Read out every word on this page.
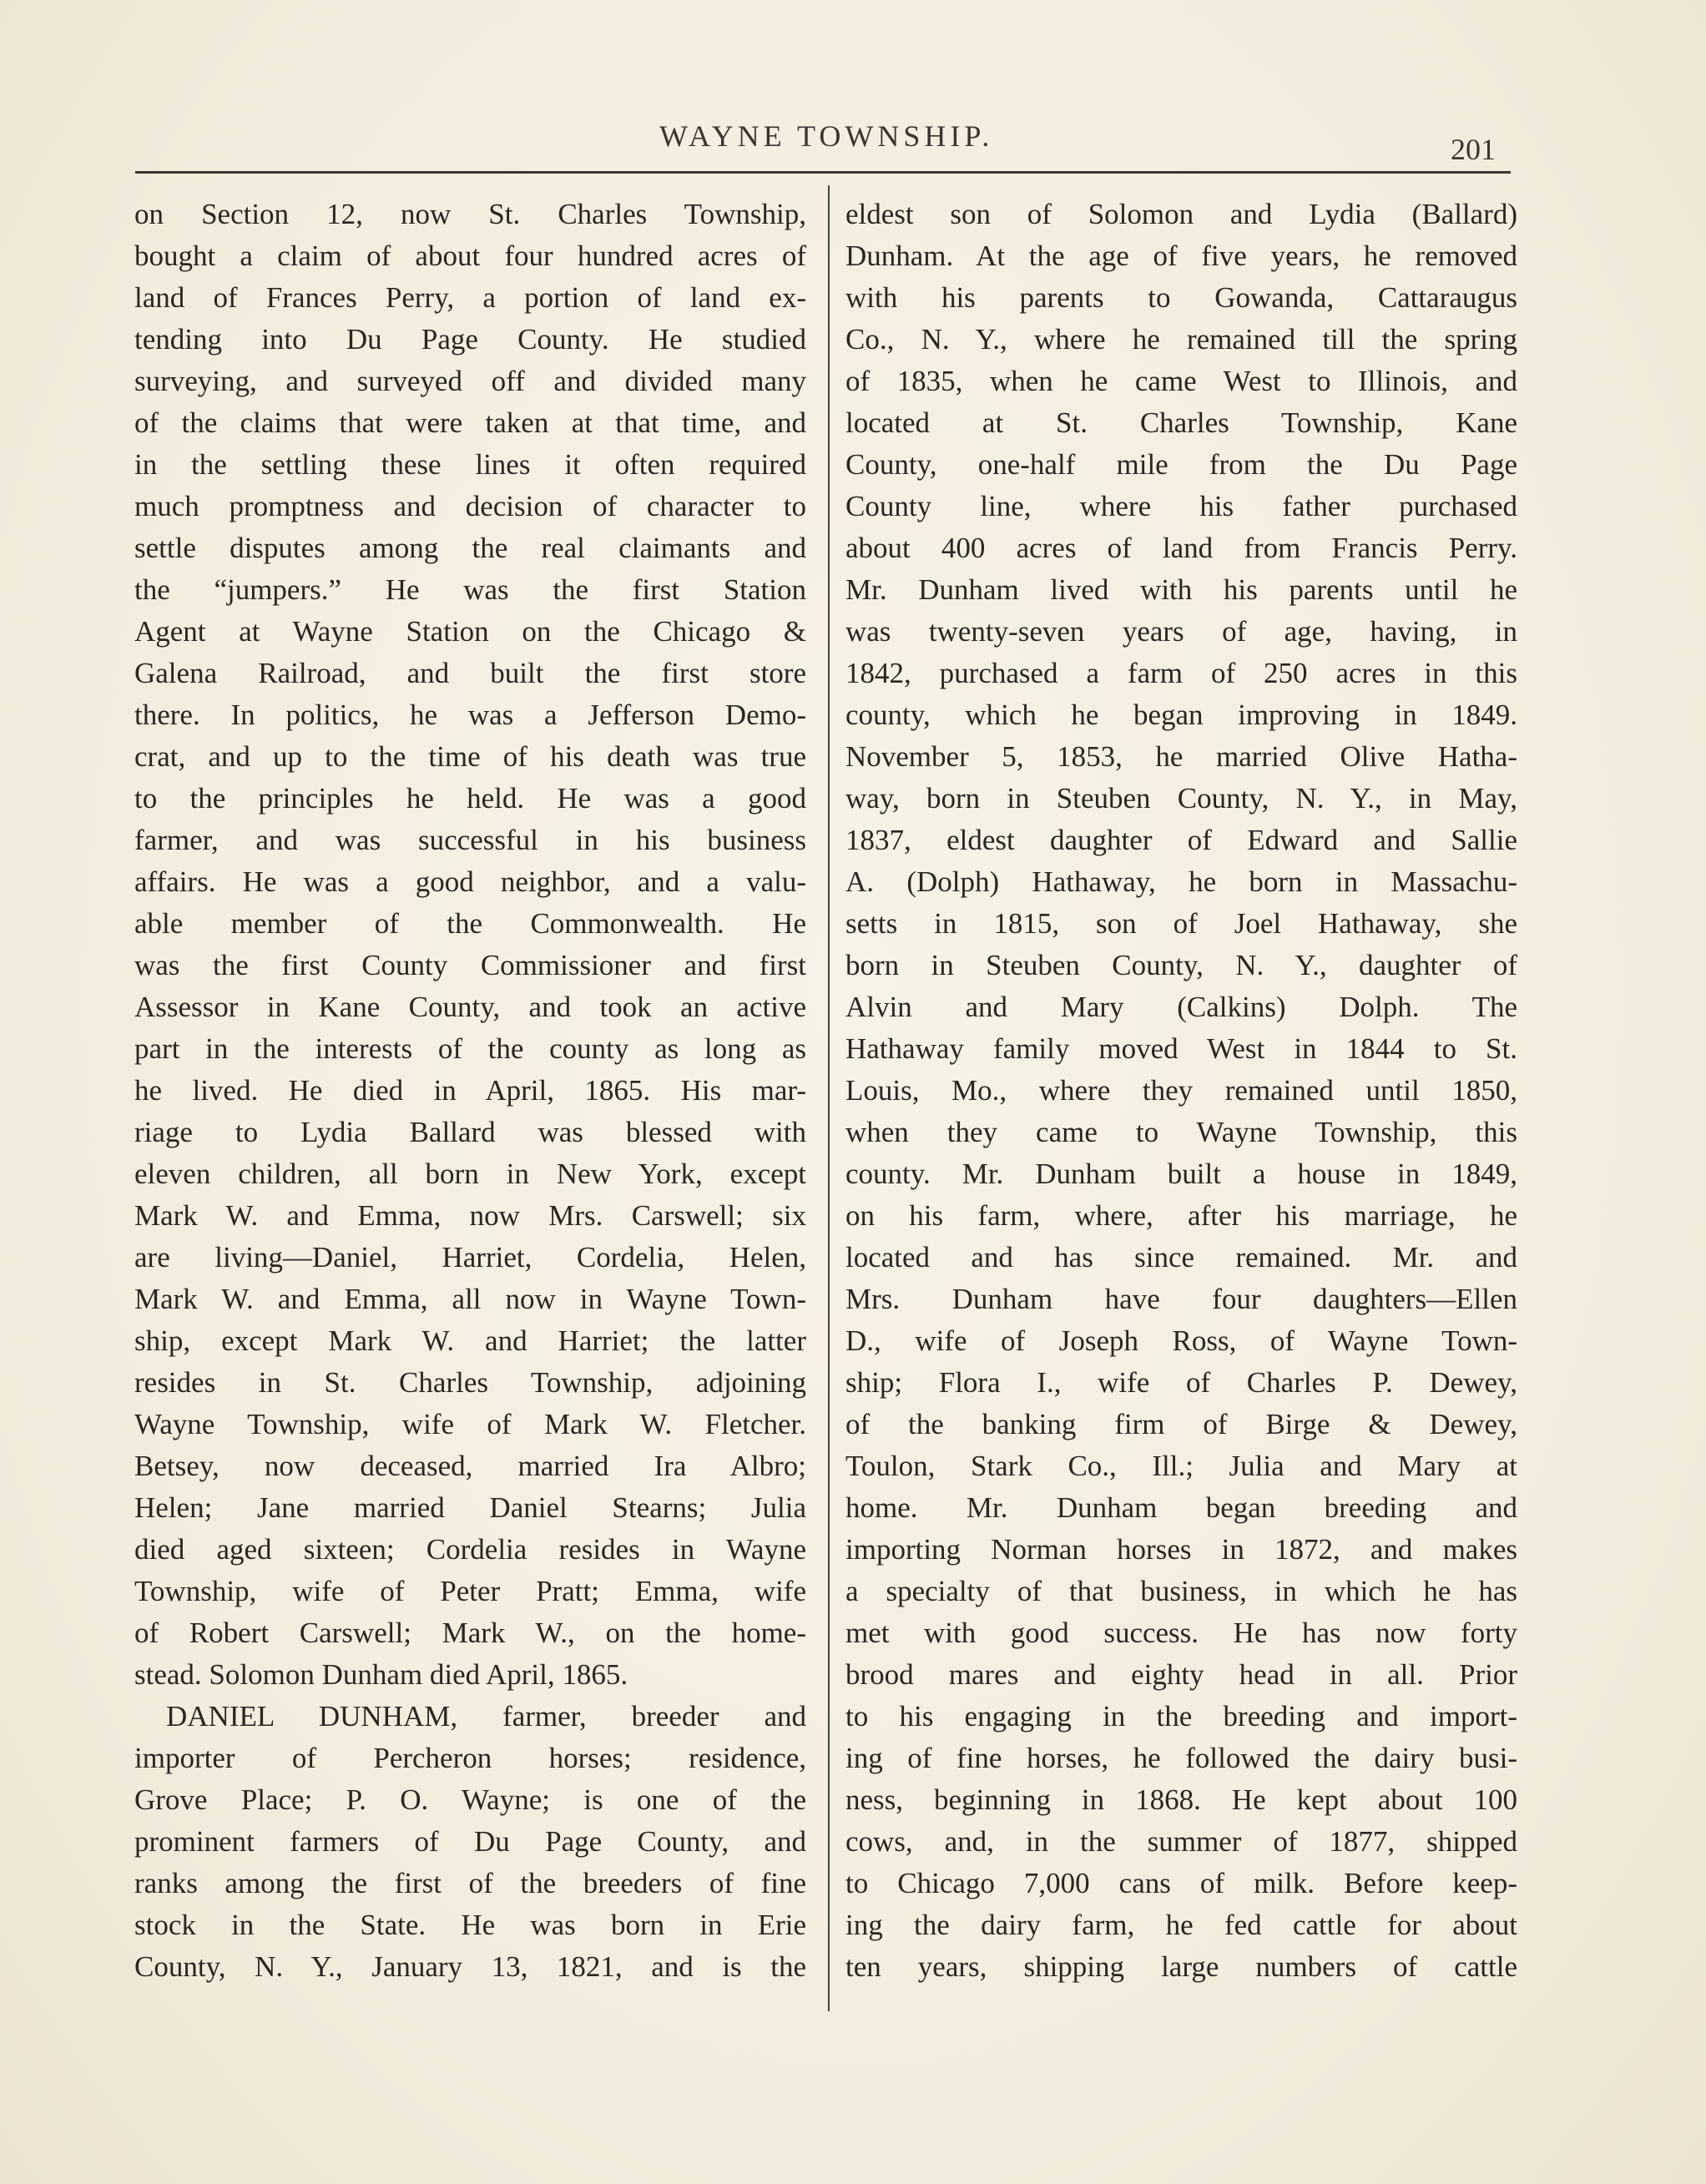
WAYNE TOWNSHIP.	201
on Section 12, now St. Charles Township,
bought a claim of about four hundred acres of
land of Frances Perry, a portion of land ex-
tending into Du Page County. He studied
surveying, and surveyed off and divided many
of the claims that were taken at that time, and
in the settling these lines it often required
much promptness and decision of character to
settle disputes among the real claimants and
the “jumpers.” He was the first Station
Agent at Wayne Station on the Chicago &
Galena Railroad, and built the first store
there. In politics, he was a Jefferson Demo-
crat, and up to the time of his death was true
to the principles he held. He was a good
farmer, and was successful in his business
affairs. He was a good neighbor, and a valu-
able member of the Commonwealth. He
was the first County Commissioner and first
Assessor in Kane County, and took an active
part in the interests of the county as long as
he lived. He died in April, 1865. His mar-
riage to Lydia Ballard was blessed with
eleven children, all born in New York, except
Mark W. and Emma, now Mrs. Carswell; six
are living—Daniel, Harriet, Cordelia, Helen,
Mark W. and Emma, all now in Wayne Town-
ship, except Mark W. and Harriet; the latter
resides in St. Charles Township, adjoining
Wayne Township, wife of Mark W. Fletcher.
Betsey, now deceased, married Ira Albro;
Helen; Jane married Daniel Stearns; Julia
died aged sixteen; Cordelia resides in Wayne
Township, wife of Peter Pratt; Emma, wife
of Robert Carswell; Mark W., on the home-
stead. Solomon Dunham died April, 1865.
DANIEL DUNHAM, farmer, breeder and
importer of Percheron horses; residence,
Grove Place; P. O. Wayne; is one of the
prominent farmers of Du Page County, and
ranks among the first of the breeders of fine
stock in the State. He was born in Erie
County, N. Y., January 13, 1821, and is the
eldest son of Solomon and Lydia (Ballard)
Dunham. At the age of five years, he removed
with his parents to Gowanda, Cattaraugus
Co., N. Y., where he remained till the spring
of 1835, when he came West to Illinois, and
located at St. Charles Township, Kane
County, one-half mile from the Du Page
County line, where his father purchased
about 400 acres of land from Francis Perry.
Mr. Dunham lived with his parents until he
was twenty-seven years of age, having, in
1842, purchased a farm of 250 acres in this
county, which he began improving in 1849.
November 5, 1853, he married Olive Hatha-
way, born in Steuben County, N. Y., in May,
1837, eldest daughter of Edward and Sallie
A. (Dolph) Hathaway, he born in Massachu-
setts in 1815, son of Joel Hathaway, she
born in Steuben County, N. Y., daughter of
Alvin and Mary (Calkins) Dolph. The
Hathaway family moved West in 1844 to St.
Louis, Mo., where they remained until 1850,
when they came to Wayne Township, this
county. Mr. Dunham built a house in 1849,
on his farm, where, after his marriage, he
located and has since remained. Mr. and
Mrs. Dunham have four daughters—Ellen
D., wife of Joseph Ross, of Wayne Town-
ship; Flora I., wife of Charles P. Dewey,
of the banking firm of Birge & Dewey,
Toulon, Stark Co., Ill.; Julia and Mary at
home. Mr. Dunham began breeding and
importing Norman horses in 1872, and makes
a specialty of that business, in which he has
met with good success. He has now forty
brood mares and eighty head in all. Prior
to his engaging in the breeding and import-
ing of fine horses, he followed the dairy busi-
ness, beginning in 1868. He kept about 100
cows, and, in the summer of 1877, shipped
to Chicago 7,000 cans of milk. Before keep-
ing the dairy farm, he fed cattle for about
ten years, shipping large numbers of cattle
